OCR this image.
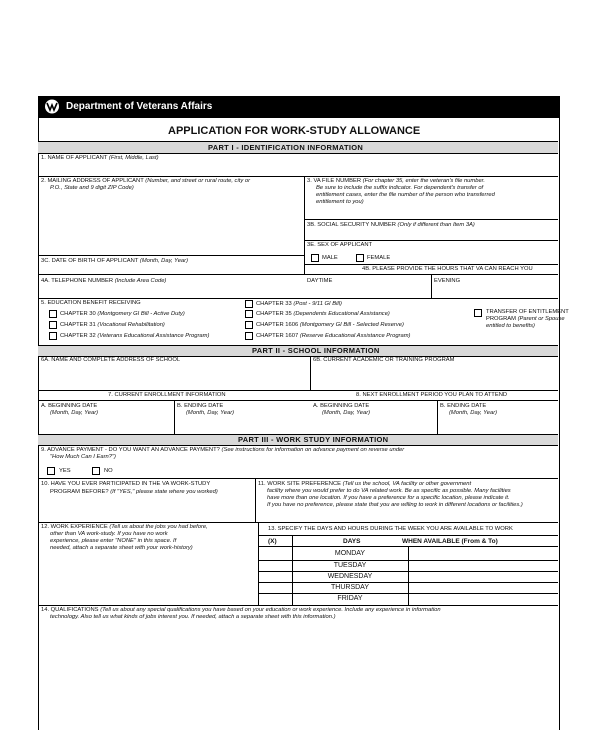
Department of Veterans Affairs
APPLICATION FOR WORK-STUDY ALLOWANCE
PART I - IDENTIFICATION INFORMATION
1. NAME OF APPLICANT (First, Middle, Last)
2. MAILING ADDRESS OF APPLICANT (Number, and street or rural route, city or
P.O., State and 9 digit ZIP Code)
3. VA FILE NUMBER (For chapter 35, enter the veteran's file number.
Be sure to include the suffix indicator. For dependent's transfer of
entitlement cases, enter the file number of the person who transferred
entitlement to you)
3B. SOCIAL SECURITY NUMBER (Only if different than Item 3A)
3E. SEX OF APPLICANT
MALE	FEMALE
3C. DATE OF BIRTH OF APPLICANT (Month, Day, Year)
4B. PLEASE PROVIDE THE HOURS THAT VA CAN REACH YOU
4A. TELEPHONE NUMBER (Include Area Code)	DAYTIME	EVENING
5. EDUCATION BENEFIT RECEIVING
CHAPTER 30 (Montgomery GI Bill - Active Duty)
CHAPTER 31 (Vocational Rehabilitation)
CHAPTER 32 (Veterans Educational Assistance Program)
CHAPTER 33 (Post - 9/11 GI Bill)
CHAPTER 35 (Dependents Educational Assistance)
CHAPTER 1606 (Montgomery GI Bill - Selected Reserve)
CHAPTER 1607 (Reserve Educational Assistance Program)
TRANSFER OF ENTITLEMENT
PROGRAM (Parent or Spouse
entitled to benefits)
PART II - SCHOOL INFORMATION
6A. NAME AND COMPLETE ADDRESS OF SCHOOL	6B. CURRENT ACADEMIC OR TRAINING PROGRAM
7. CURRENT ENROLLMENT INFORMATION	8. NEXT ENROLLMENT PERIOD YOU PLAN TO ATTEND
A. BEGINNING DATE
(Month, Day, Year)
B. ENDING DATE
(Month, Day, Year)
A. BEGINNING DATE
(Month, Day, Year)
B. ENDING DATE
(Month, Day, Year)
PART III - WORK STUDY INFORMATION
9. ADVANCE PAYMENT - DO YOU WANT AN ADVANCE PAYMENT? (See instructions for information on advance payment on reverse under
"How Much Can I Earn?")
YES	NO
10. HAVE YOU EVER PARTICIPATED IN THE VA WORK-STUDY
PROGRAM BEFORE? (If "YES," please state where you worked)
11. WORK SITE PREFERENCE (Tell us the school, VA facility or other government
facility where you would prefer to do VA related work. Be as specific as possible. Many facilities
have more than one location. If you have a preference for a specific location, please indicate it.
If you have no preference, please state that you are willing to work in different locations or facilities.)
12. WORK EXPERIENCE (Tell us about the jobs you had before,
other than VA work-study. If you have no work
experience, please enter "NONE" in this space. If
needed, attach a separate sheet with your work-history)
13. SPECIFY THE DAYS AND HOURS DURING THE WEEK YOU ARE AVAILABLE TO WORK
(X)	DAYS	WHEN AVAILABLE (From & To)
MONDAY
TUESDAY
WEDNESDAY
THURSDAY
FRIDAY
14. QUALIFICATIONS (Tell us about any special qualifications you have based on your education or work experience. Include any experience in information
technology. Also tell us what kinds of jobs interest you. If needed, attach a separate sheet with this information.)
